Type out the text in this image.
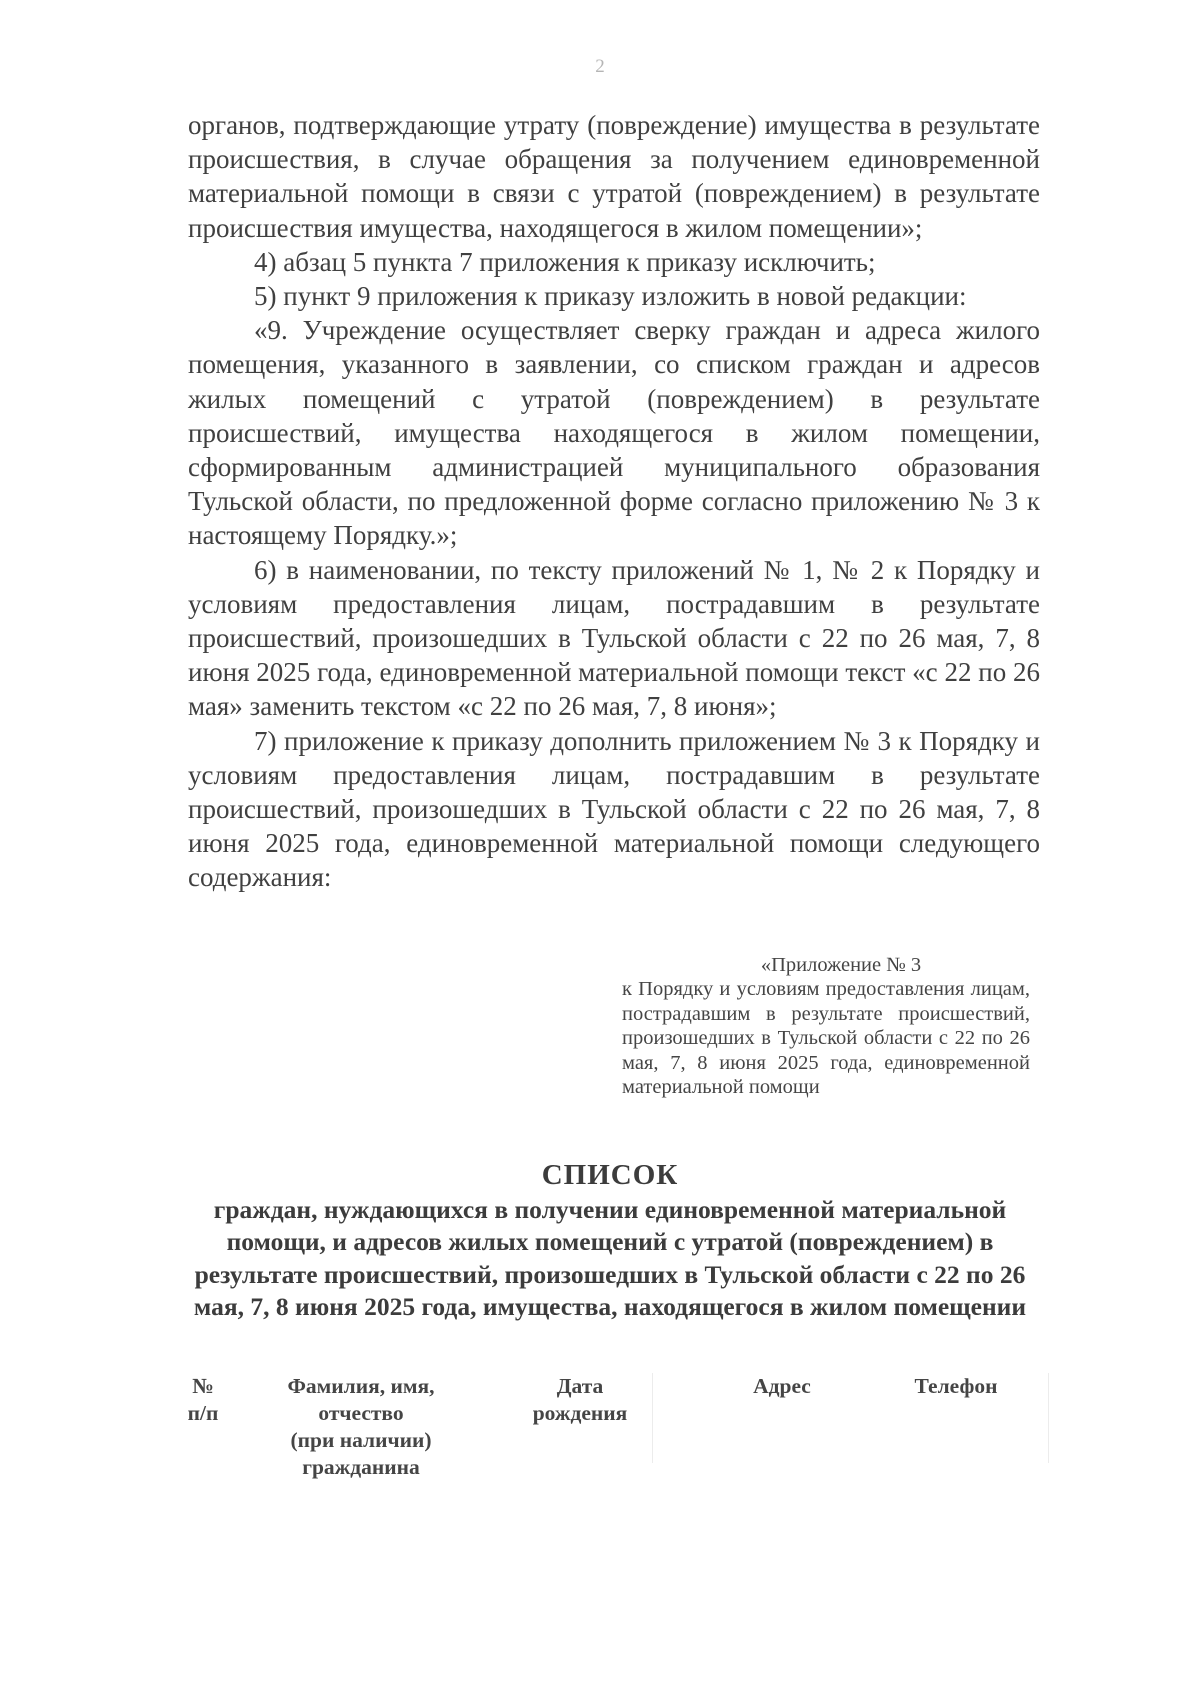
2

органов, подтверждающие утрату (повреждение) имущества в результате происшествия, в случае обращения за получением единовременной материальной помощи в связи с утратой (повреждением) в результате происшествия имущества, находящегося в жилом помещении»;

4) абзац 5 пункта 7 приложения к приказу исключить;

5) пункт 9 приложения к приказу изложить в новой редакции:

«9. Учреждение осуществляет сверку граждан и адреса жилого помещения, указанного в заявлении, со списком граждан и адресов жилых помещений с утратой (повреждением) в результате происшествий, имущества находящегося в жилом помещении, сформированным администрацией муниципального образования Тульской области, по предложенной форме согласно приложению № 3 к настоящему Порядку.»;

6) в наименовании, по тексту приложений № 1, № 2 к Порядку и условиям предоставления лицам, пострадавшим в результате происшествий, произошедших в Тульской области с 22 по 26 мая, 7, 8 июня 2025 года, единовременной материальной помощи текст «с 22 по 26 мая» заменить текстом «с 22 по 26 мая, 7, 8 июня»;

7) приложение к приказу дополнить приложением № 3 к Порядку и условиям предоставления лицам, пострадавшим в результате происшествий, произошедших в Тульской области с 22 по 26 мая, 7, 8 июня 2025 года, единовременной материальной помощи следующего содержания:

«Приложение № 3
к Порядку и условиям предоставления лицам, пострадавшим в результате происшествий, произошедших в Тульской области с 22 по 26 мая, 7, 8 июня 2025 года, единовременной материальной помощи
СПИСОК
граждан, нуждающихся в получении единовременной материальной помощи, и адресов жилых помещений с утратой (повреждением) в результате происшествий, произошедших в Тульской области с 22 по 26 мая, 7, 8 июня 2025 года, имущества, находящегося в жилом помещении
№
п/п
Фамилия, имя, отчество
(при наличии)
гражданина
Дата
рождения
Адрес	Телефон
